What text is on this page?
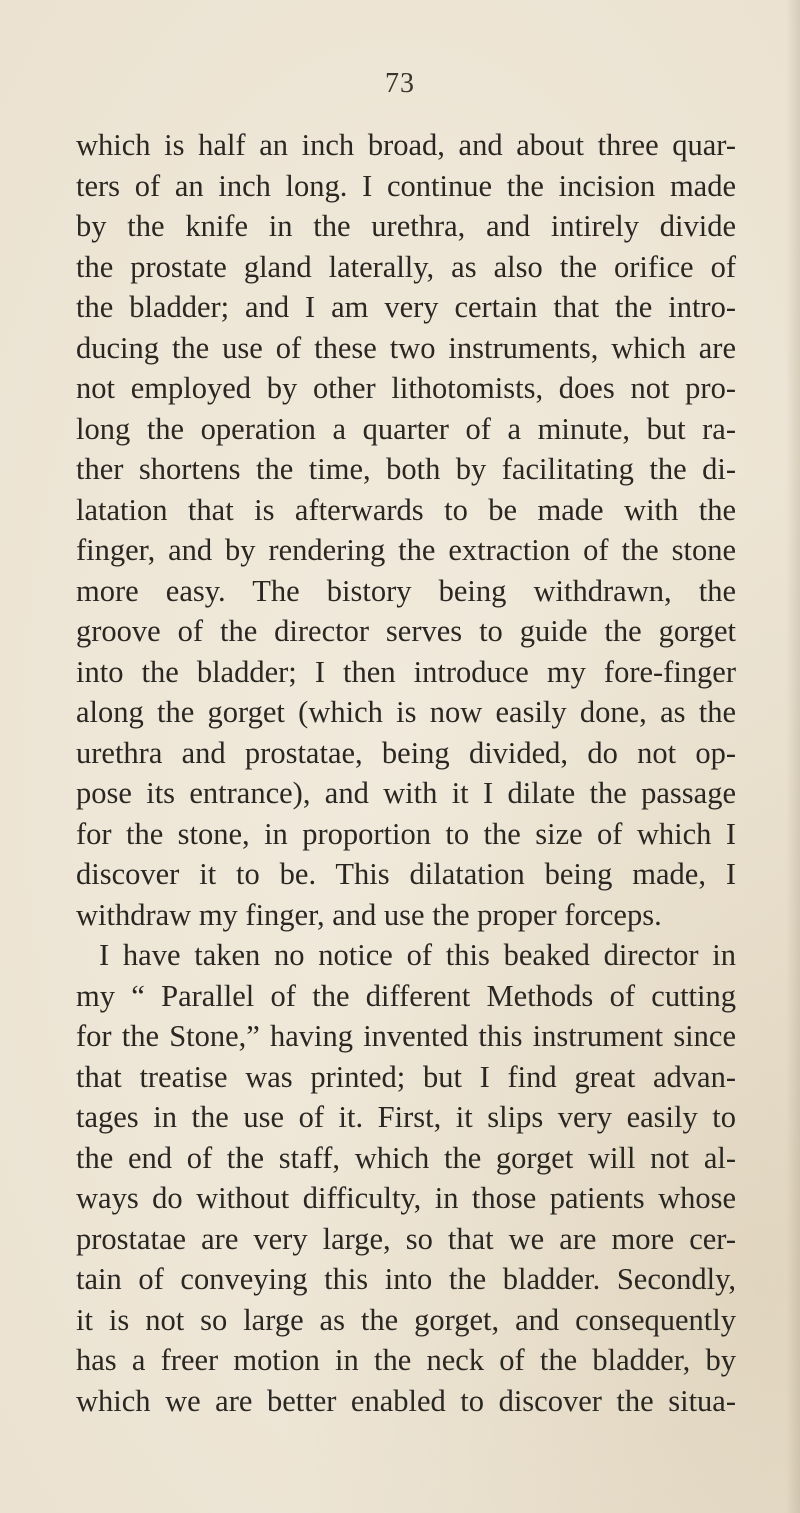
73
which is half an inch broad, and about three quar-
ters of an inch long. I continue the incision made
by the knife in the urethra, and intirely divide
the prostate gland laterally, as also the orifice of
the bladder; and I am very certain that the intro-
ducing the use of these two instruments, which are
not employed by other lithotomists, does not pro-
long the operation a quarter of a minute, but ra-
ther shortens the time, both by facilitating the di-
latation that is afterwards to be made with the
finger, and by rendering the extraction of the stone
more easy. The bistory being withdrawn, the
groove of the director serves to guide the gorget
into the bladder; I then introduce my fore-finger
along the gorget (which is now easily done, as the
urethra and prostatae, being divided, do not op-
pose its entrance), and with it I dilate the passage
for the stone, in proportion to the size of which I
discover it to be. This dilatation being made, I
withdraw my finger, and use the proper forceps.
I have taken no notice of this beaked director in
my “ Parallel of the different Methods of cutting
for the Stone,” having invented this instrument since
that treatise was printed; but I find great advan-
tages in the use of it. First, it slips very easily to
the end of the staff, which the gorget will not al-
ways do without difficulty, in those patients whose
prostatae are very large, so that we are more cer-
tain of conveying this into the bladder. Secondly,
it is not so large as the gorget, and consequently
has a freer motion in the neck of the bladder, by
which we are better enabled to discover the situa-
